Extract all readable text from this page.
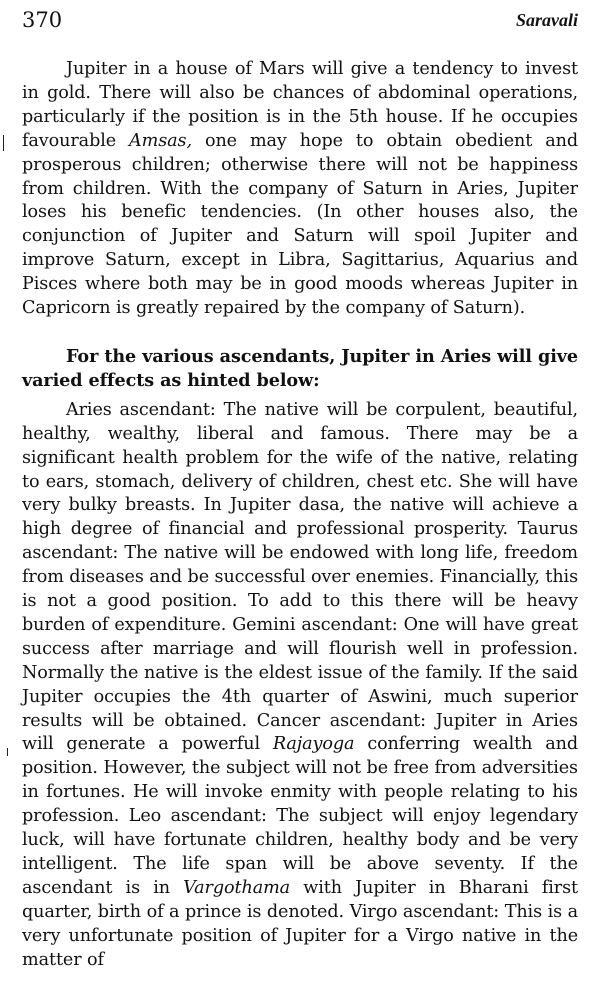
370	Saravali

Jupiter in a house of Mars will give a tendency to invest in gold. There will also be chances of abdominal operations, particularly if the position is in the 5th house. If he occupies favourable Amsas, one may hope to obtain obedient and prosperous children; otherwise there will not be happiness from children. With the company of Saturn in Aries, Jupiter loses his benefic tendencies. (In other houses also, the conjunction of Jupiter and Saturn will spoil Jupiter and improve Saturn, except in Libra, Sagittarius, Aquarius and Pisces where both may be in good moods whereas Jupiter in Capricorn is greatly repaired by the company of Saturn).

For the various ascendants, Jupiter in Aries will give varied effects as hinted below:

Aries ascendant: The native will be corpulent, beautiful, healthy, wealthy, liberal and famous. There may be a significant health problem for the wife of the native, relating to ears, stomach, delivery of children, chest etc. She will have very bulky breasts. In Jupiter dasa, the native will achieve a high degree of financial and professional prosperity. Taurus ascendant: The native will be endowed with long life, freedom from diseases and be successful over enemies. Financially, this is not a good position. To add to this there will be heavy burden of expenditure. Gemini ascendant: One will have great success after marriage and will flourish well in profession. Normally the native is the eldest issue of the family. If the said Jupiter occupies the 4th quarter of Aswini, much superior results will be obtained. Cancer ascendant: Jupiter in Aries will generate a powerful Rajayoga conferring wealth and position. However, the subject will not be free from adversities in fortunes. He will invoke enmity with people relating to his profession. Leo ascendant: The subject will enjoy legendary luck, will have fortunate children, healthy body and be very intelligent. The life span will be above seventy. If the ascendant is in Vargothama with Jupiter in Bharani first quarter, birth of a prince is denoted. Virgo ascendant: This is a very unfortunate position of Jupiter for a Virgo native in the matter of
